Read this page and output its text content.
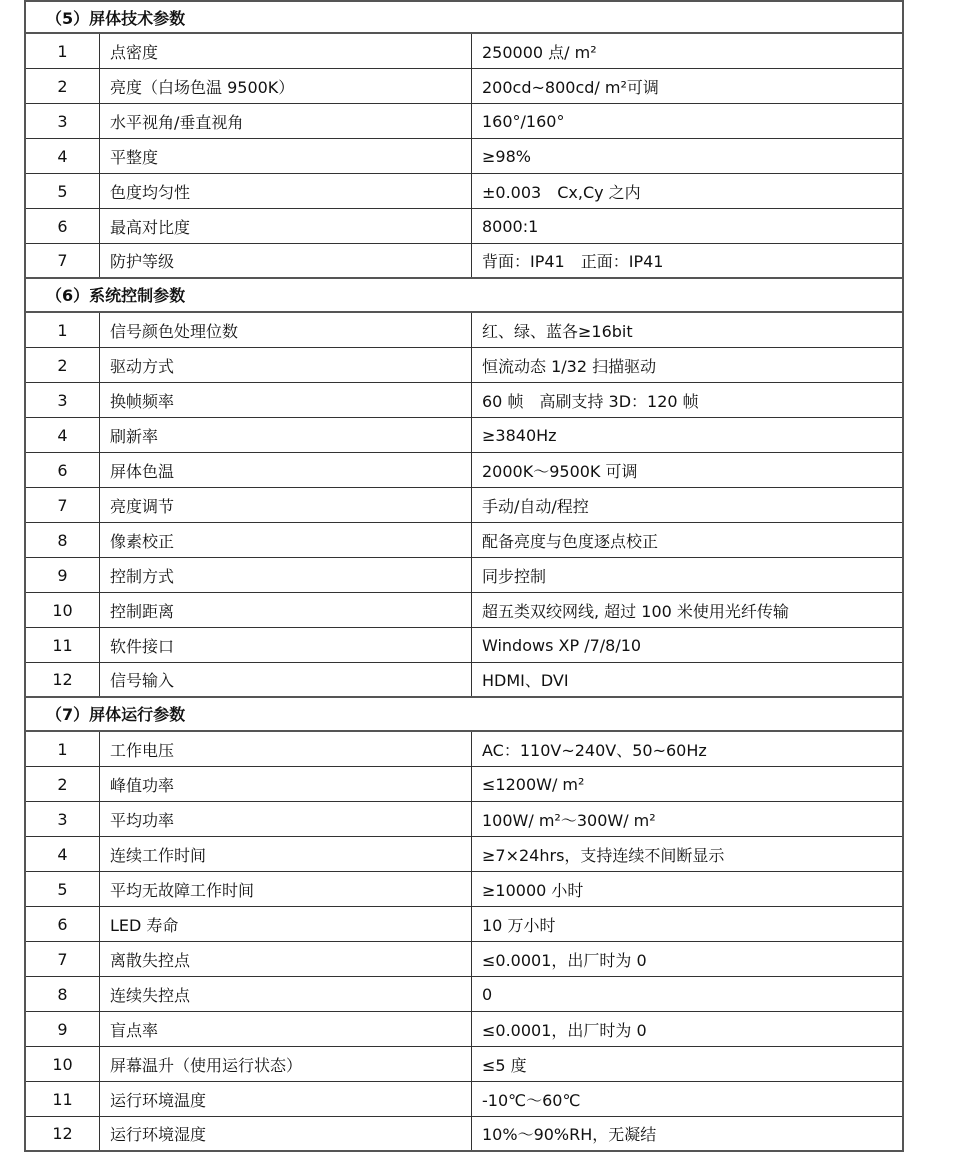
（5）屏体技术参数
1	点密度	250000 点/ m²
2	亮度（白场色温 9500K）	200cd~800cd/ m²可调
3	水平视角/垂直视角	160°/160°
4	平整度	≥98%
5	色度均匀性	±0.003　Cx,Cy 之内
6	最高对比度	8000:1
7	防护等级	背面：IP41　正面：IP41
（6）系统控制参数
1	信号颜色处理位数	红、绿、蓝各≥16bit
2	驱动方式	恒流动态 1/32 扫描驱动
3	换帧频率	60 帧　高刷支持 3D：120 帧
4	刷新率	≥3840Hz
6	屏体色温	2000K～9500K 可调
7	亮度调节	手动/自动/程控
8	像素校正	配备亮度与色度逐点校正
9	控制方式	同步控制
10	控制距离	超五类双绞网线, 超过 100 米使用光纤传输
11	软件接口	Windows XP /7/8/10
12	信号输入	HDMI、DVI
（7）屏体运行参数
1	工作电压	AC：110V~240V、50~60Hz
2	峰值功率	≤1200W/ m²
3	平均功率	100W/ m²～300W/ m²
4	连续工作时间	≥7×24hrs，支持连续不间断显示
5	平均无故障工作时间	≥10000 小时
6	LED 寿命	10 万小时
7	离散失控点	≤0.0001，出厂时为 0
8	连续失控点	0
9	盲点率	≤0.0001，出厂时为 0
10	屏幕温升（使用运行状态）	≤5 度
11	运行环境温度	-10℃～60℃
12	运行环境湿度	10%～90%RH，无凝结
